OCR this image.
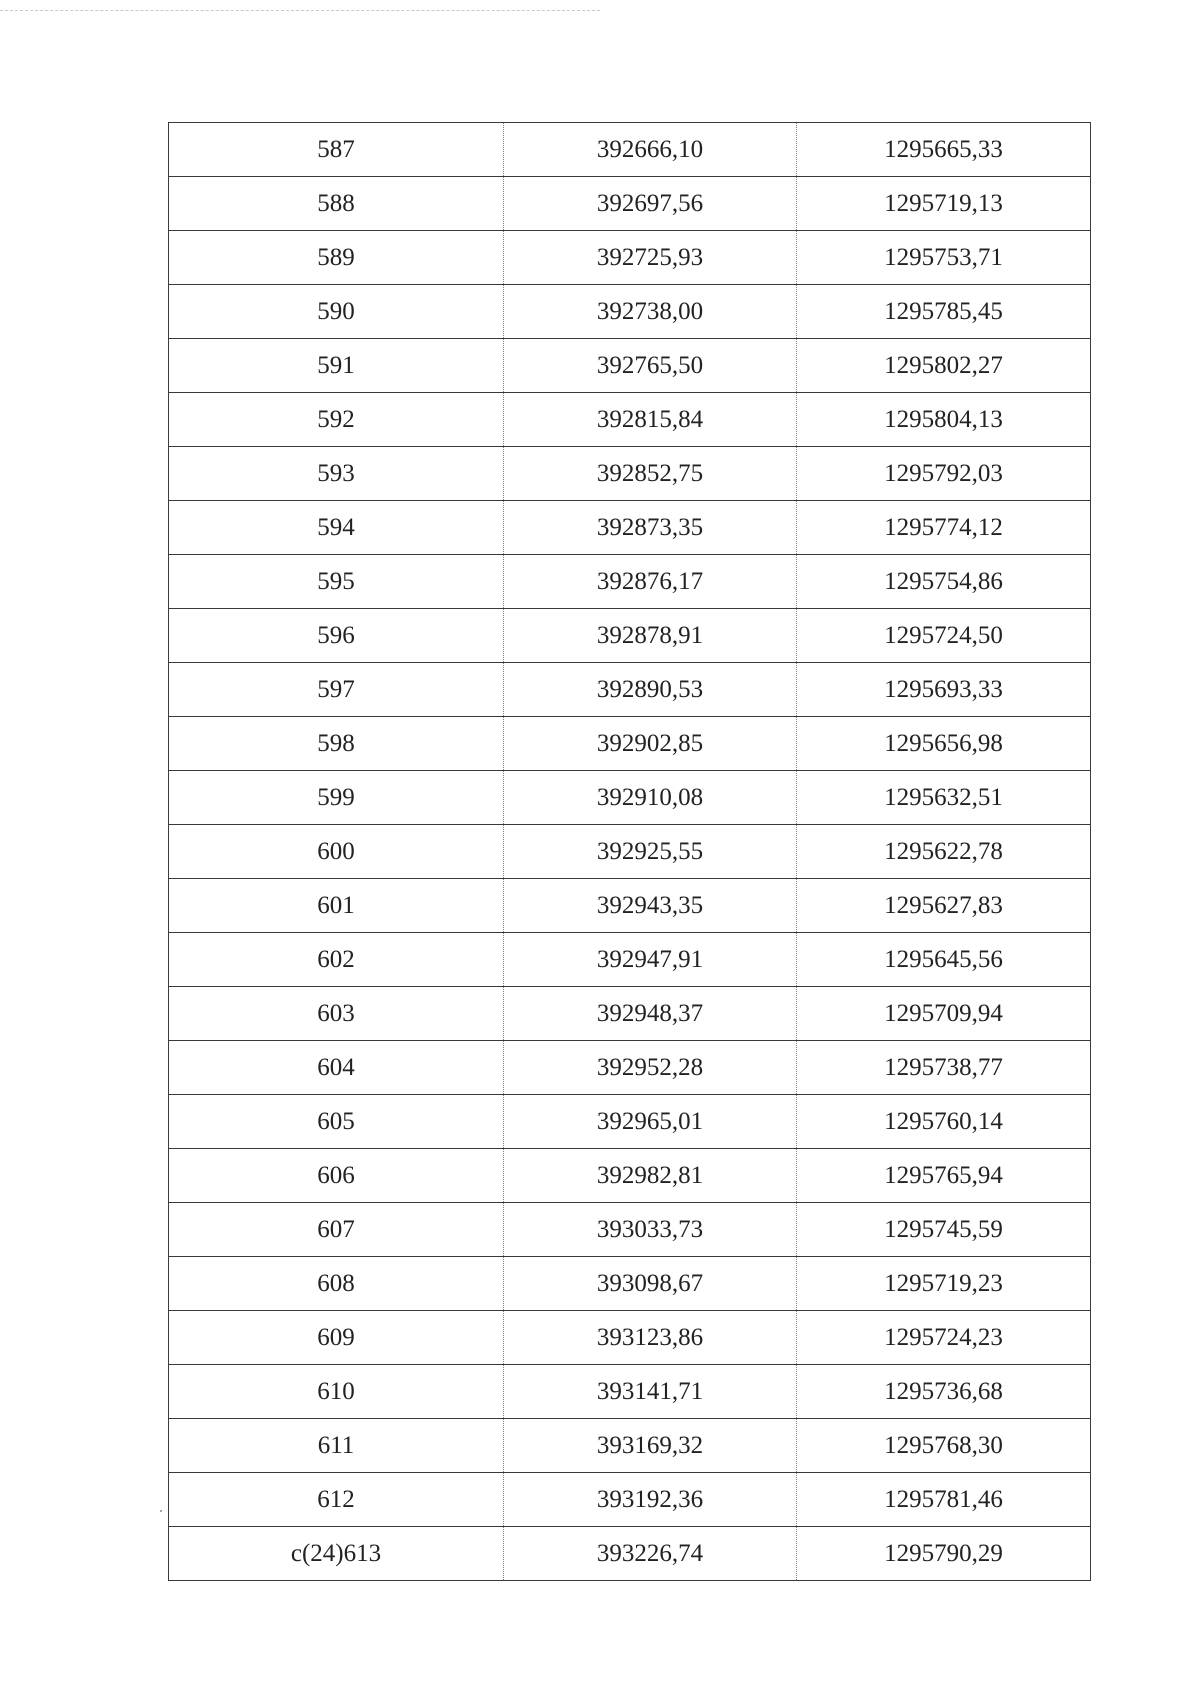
587	392666,10	1295665,33
588	392697,56	1295719,13
589	392725,93	1295753,71
590	392738,00	1295785,45
591	392765,50	1295802,27
592	392815,84	1295804,13
593	392852,75	1295792,03
594	392873,35	1295774,12
595	392876,17	1295754,86
596	392878,91	1295724,50
597	392890,53	1295693,33
598	392902,85	1295656,98
599	392910,08	1295632,51
600	392925,55	1295622,78
601	392943,35	1295627,83
602	392947,91	1295645,56
603	392948,37	1295709,94
604	392952,28	1295738,77
605	392965,01	1295760,14
606	392982,81	1295765,94
607	393033,73	1295745,59
608	393098,67	1295719,23
609	393123,86	1295724,23
610	393141,71	1295736,68
611	393169,32	1295768,30
612	393192,36	1295781,46
c(24)613	393226,74	1295790,29
